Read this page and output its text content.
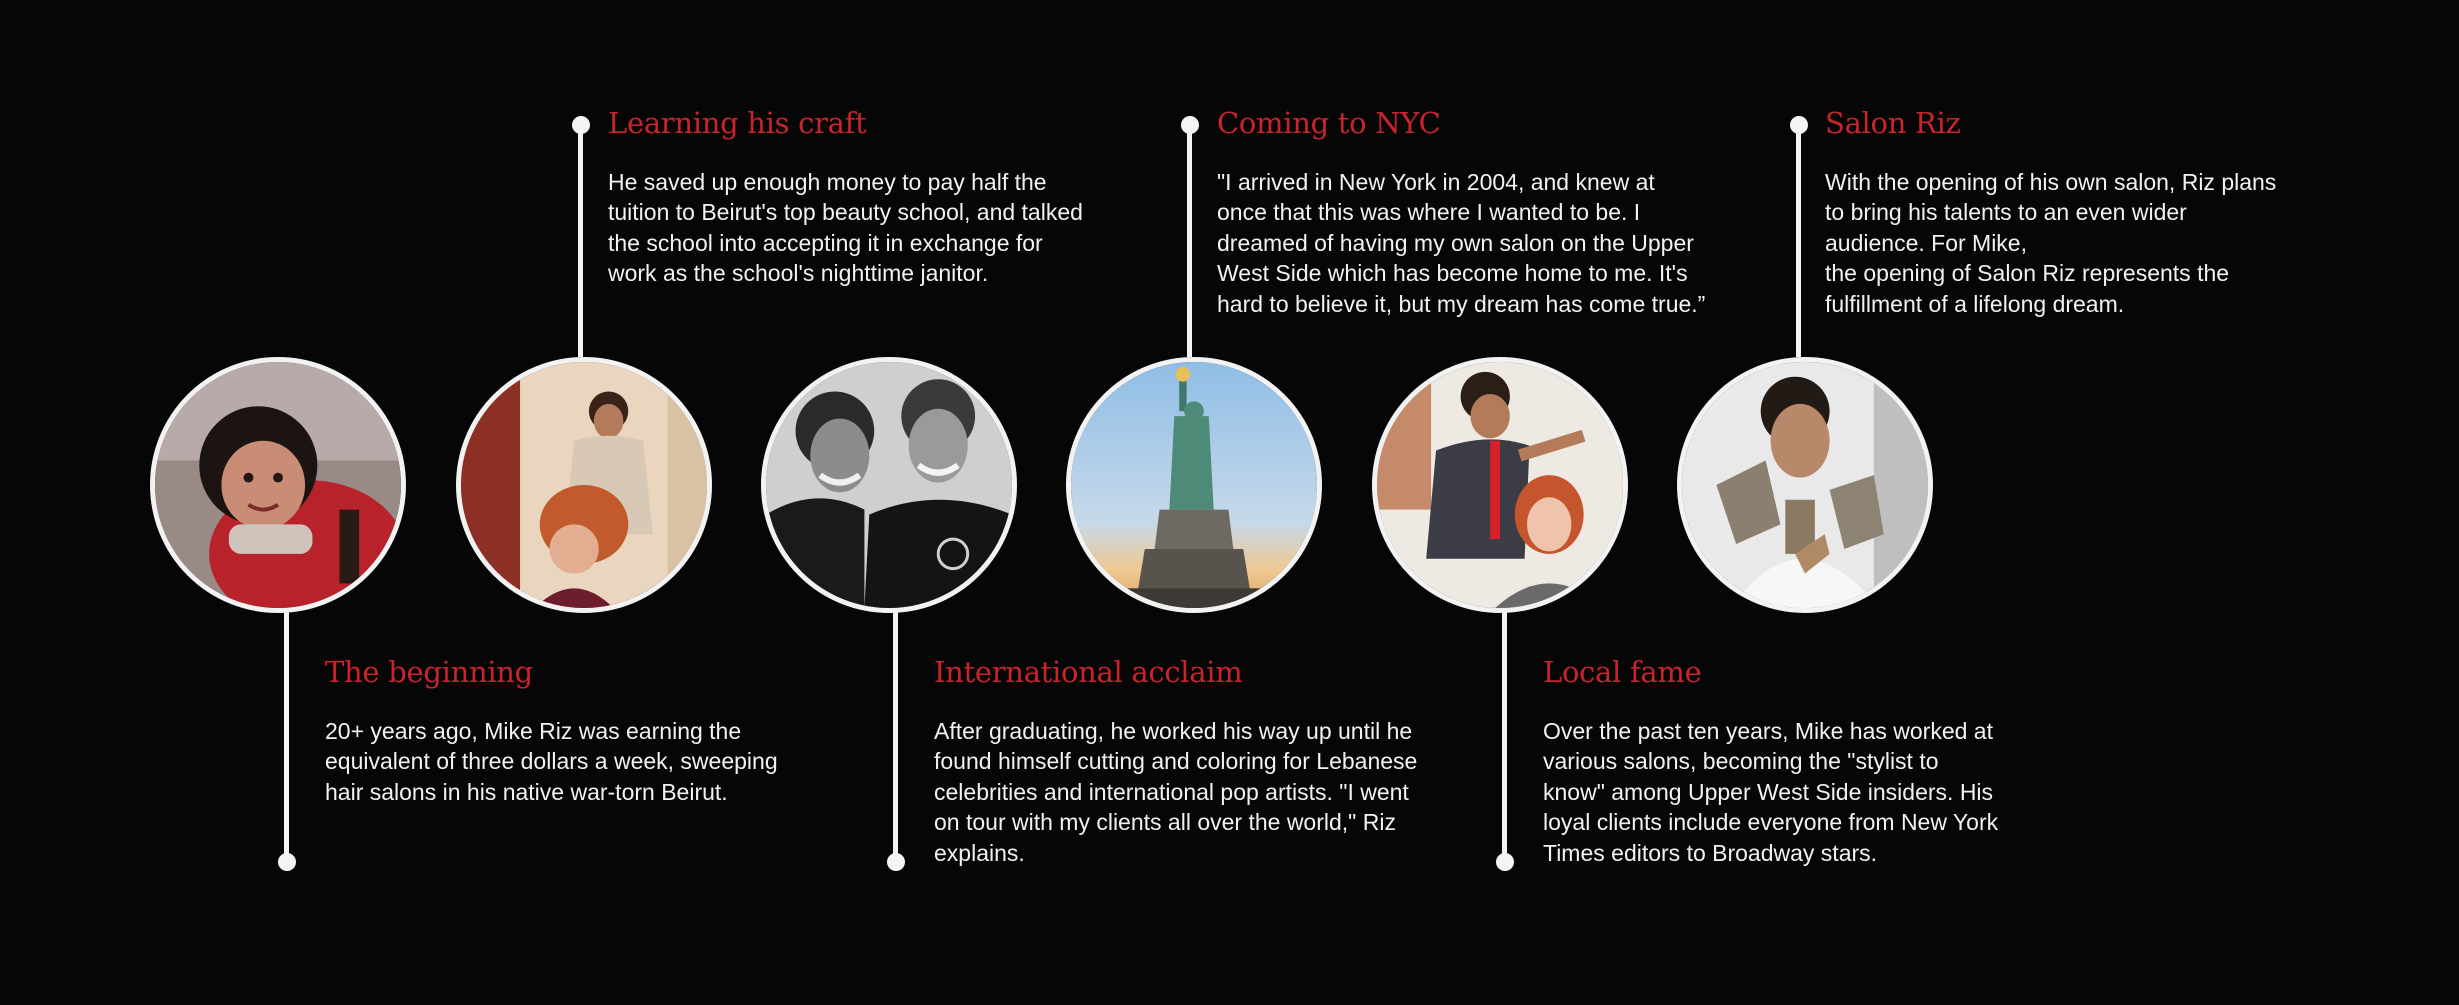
The beginning

20+ years ago, Mike Riz was earning the
equivalent of three dollars a week, sweeping
hair salons in his native war-torn Beirut.

Learning his craft

He saved up enough money to pay half the
tuition to Beirut's top beauty school, and talked
the school into accepting it in exchange for
work as the school's nighttime janitor.

International acclaim

After graduating, he worked his way up until he
found himself cutting and coloring for Lebanese
celebrities and international pop artists. "I went
on tour with my clients all over the world," Riz
explains.

Coming to NYC

"I arrived in New York in 2004, and knew at
once that this was where I wanted to be. I
dreamed of having my own salon on the Upper
West Side which has become home to me. It's
hard to believe it, but my dream has come true.”

Local fame

Over the past ten years, Mike has worked at
various salons, becoming the "stylist to
know" among Upper West Side insiders. His
loyal clients include everyone from New York
Times editors to Broadway stars.

Salon Riz

With the opening of his own salon, Riz plans
to bring his talents to an even wider
audience. For Mike,
the opening of Salon Riz represents the
fulfillment of a lifelong dream.
